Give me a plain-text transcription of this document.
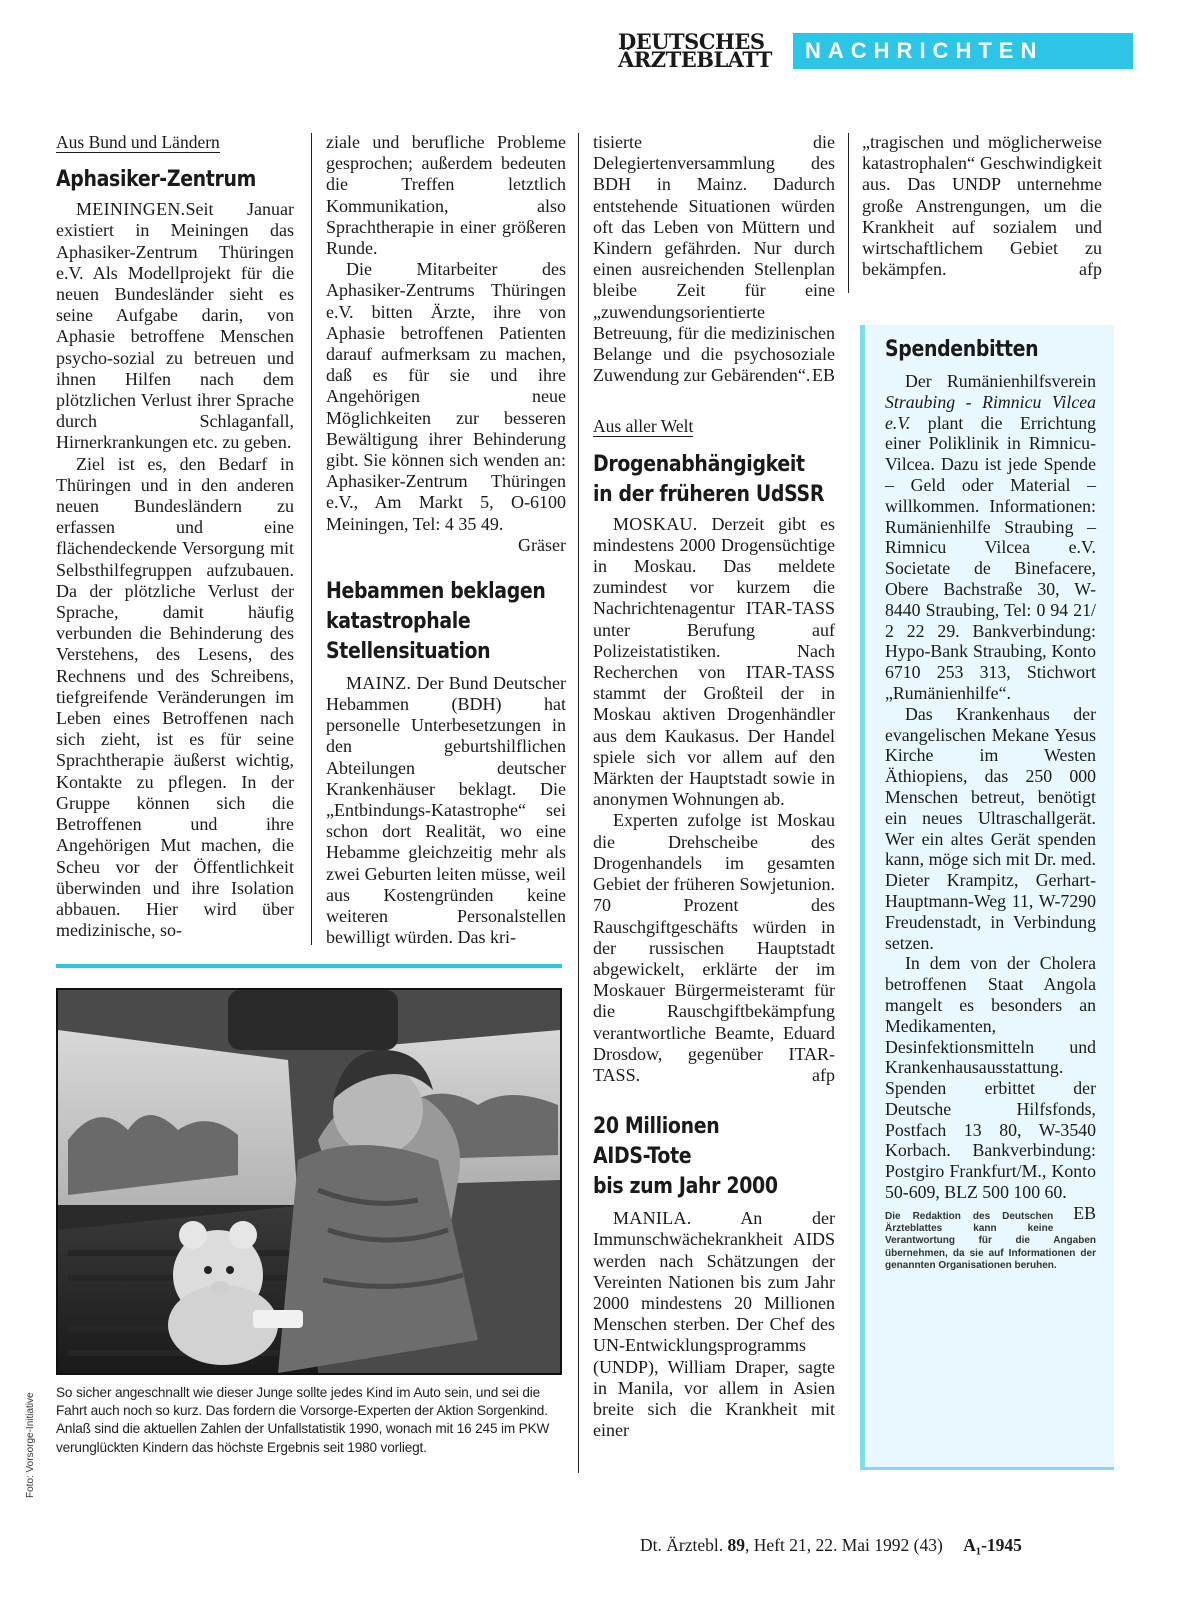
DEUTSCHES
ÄRZTEBLATT	NACHRICHTEN
Aus Bund und Ländern
Aphasiker-Zentrum

MEININGEN.Seit Januar existiert in Meiningen das Aphasiker-Zentrum Thüringen e.V. Als Modellprojekt für die neuen Bundesländer sieht es seine Aufgabe darin, von Aphasie betroffene Menschen psycho-sozial zu betreuen und ihnen Hilfen nach dem plötzlichen Verlust ihrer Sprache durch Schlaganfall, Hirnerkrankungen etc. zu geben.

Ziel ist es, den Bedarf in Thüringen und in den anderen neuen Bundesländern zu erfassen und eine flächendeckende Versorgung mit Selbsthilfegruppen aufzubauen. Da der plötzliche Verlust der Sprache, damit häufig verbunden die Behinderung des Verstehens, des Lesens, des Rechnens und des Schreibens, tiefgreifende Veränderungen im Leben eines Betroffenen nach sich zieht, ist es für seine Sprachtherapie äußerst wichtig, Kontakte zu pflegen. In der Gruppe können sich die Betroffenen und ihre Angehörigen Mut machen, die Scheu vor der Öffentlichkeit überwinden und ihre Isolation abbauen. Hier wird über medizinische, so-

ziale und berufliche Probleme gesprochen; außerdem bedeuten die Treffen letztlich Kommunikation, also Sprachtherapie in einer größeren Runde.

Die Mitarbeiter des Aphasiker-Zentrums Thüringen e.V. bitten Ärzte, ihre von Aphasie betroffenen Patienten darauf aufmerksam zu machen, daß es für sie und ihre Angehörigen neue Möglichkeiten zur besseren Bewältigung ihrer Behinderung gibt. Sie können sich wenden an: Aphasiker-Zentrum Thüringen e.V., Am Markt 5, O-6100 Meiningen, Tel: 4 35 49.
Gräser

Hebammen beklagen
katastrophale
Stellensituation

MAINZ. Der Bund Deutscher Hebammen (BDH) hat personelle Unterbesetzungen in den geburtshilflichen Abteilungen deutscher Krankenhäuser beklagt. Die „Entbindungs-Katastrophe“ sei schon dort Realität, wo eine Hebamme gleichzeitig mehr als zwei Geburten leiten müsse, weil aus Kostengründen keine weiteren Personalstellen bewilligt würden. Das kri-

tisierte die Delegiertenversammlung des BDH in Mainz. Dadurch entstehende Situationen würden oft das Leben von Müttern und Kindern gefährden. Nur durch einen ausreichenden Stellenplan bleibe Zeit für eine „zuwendungsorientierte Betreuung, für die medizinischen Belange und die psychosoziale Zuwendung zur Gebärenden“. EB

Aus aller Welt
Drogenabhängigkeit
in der früheren UdSSR

MOSKAU. Derzeit gibt es mindestens 2000 Drogensüchtige in Moskau. Das meldete zumindest vor kurzem die Nachrichtenagentur ITAR-TASS unter Berufung auf Polizeistatistiken. Nach Recherchen von ITAR-TASS stammt der Großteil der in Moskau aktiven Drogenhändler aus dem Kaukasus. Der Handel spiele sich vor allem auf den Märkten der Hauptstadt sowie in anonymen Wohnungen ab.

Experten zufolge ist Moskau die Drehscheibe des Drogenhandels im gesamten Gebiet der früheren Sowjetunion. 70 Prozent des Rauschgiftgeschäfts würden in der russischen Hauptstadt abgewickelt, erklärte der im Moskauer Bürgermeisteramt für die Rauschgiftbekämpfung verantwortliche Beamte, Eduard Drosdow, gegenüber ITAR-TASS.	afp

20 Millionen
AIDS-Tote
bis zum Jahr 2000

MANILA.	An der Immunschwächekrankheit AIDS werden nach Schätzungen der Vereinten Nationen bis zum Jahr 2000 mindestens 20 Millionen Menschen sterben. Der Chef des UN-Entwicklungsprogramms (UNDP), William Draper, sagte in Manila, vor allem in Asien breite sich die Krankheit mit einer

„tragischen und möglicherweise katastrophalen“ Geschwindigkeit aus. Das UNDP unternehme große Anstrengungen, um die Krankheit auf sozialem und wirtschaftlichem Gebiet zu bekämpfen.	afp

Spendenbitten

Der Rumänienhilfsverein Straubing - Rimnicu Vilcea e.V. plant die Errichtung einer Poliklinik in Rimnicu-Vilcea. Dazu ist jede Spende – Geld oder Material – willkommen. Informationen: Rumänienhilfe Straubing – Rimnicu Vilcea e.V. Societate de Binefacere, Obere Bachstraße 30, W-8440 Straubing, Tel: 0 94 21/ 2 22 29. Bankverbindung: Hypo-Bank Straubing, Konto 6710 253 313, Stichwort „Rumänienhilfe“.

Das Krankenhaus der evangelischen Mekane Yesus Kirche im Westen Äthiopiens, das 250 000 Menschen betreut, benötigt ein neues Ultraschallgerät. Wer ein altes Gerät spenden kann, möge sich mit Dr. med. Dieter Krampitz, Gerhart-Hauptmann-Weg 11, W-7290 Freudenstadt, in Verbindung setzen.

In dem von der Cholera betroffenen Staat Angola mangelt es besonders an Medikamenten, Desinfektionsmitteln und Krankenhausausstattung. Spenden erbittet der Deutsche Hilfsfonds, Postfach 13 80, W-3540 Korbach. Bankverbindung: Postgiro Frankfurt/M., Konto 50-609, BLZ 500 100 60.
EB

Die Redaktion des Deutschen Ärzteblattes kann keine Verantwortung für die Angaben übernehmen, da sie auf Informationen der genannten Organisationen beruhen.
Foto: Vorsorge-Initiative So sicher angeschnallt wie dieser Junge sollte jedes Kind im Auto sein, und sei die Fahrt auch noch so kurz. Das fordern die Vorsorge-Experten der Aktion Sorgenkind. Anlaß sind die aktuellen Zahlen der Unfallstatistik 1990, wonach mit 16 245 im PKW verunglückten Kindern das höchste Ergebnis seit 1980 vorliegt.
Dt. Ärztebl. 89, Heft 21, 22. Mai 1992 (43) A₁-1945
